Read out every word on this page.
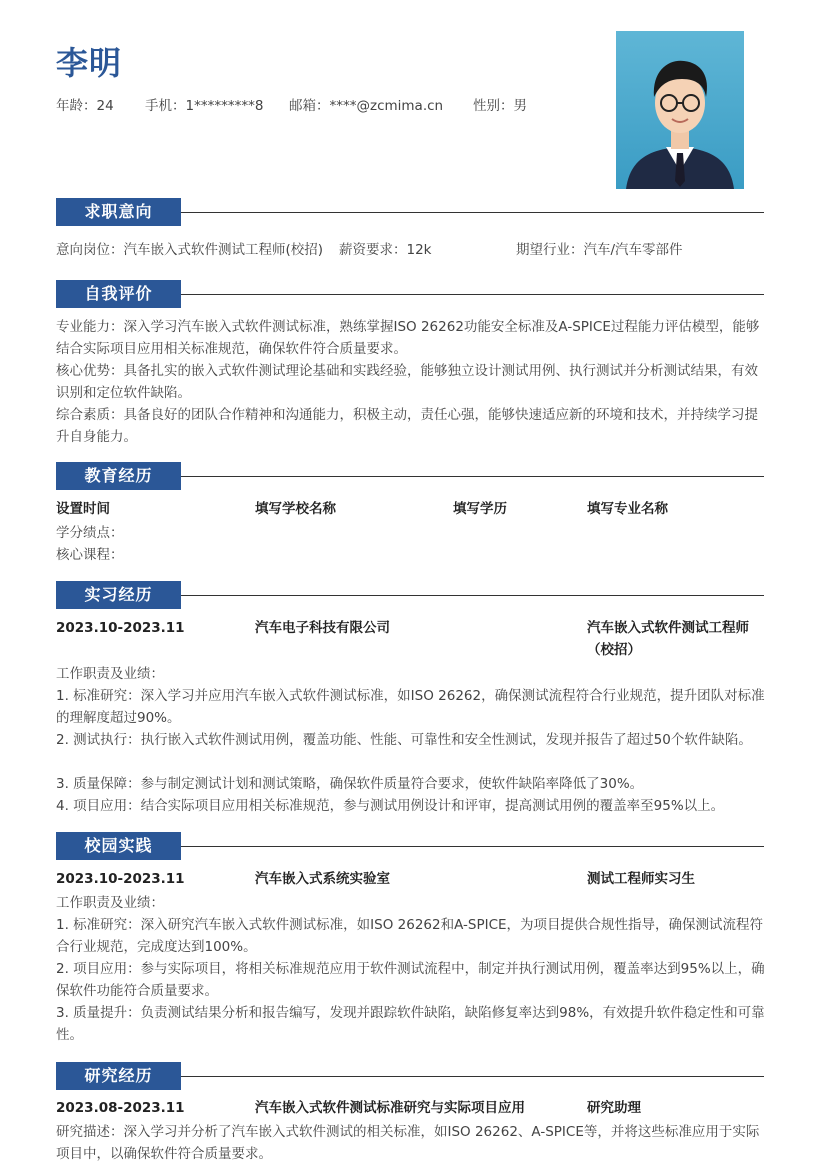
李明
年龄：24 手机：1*********8 邮箱：****@zcmima.cn 性别：男
求职意向
意向岗位：汽车嵌入式软件测试工程师(校招) 薪资要求：12k	期望行业：汽车/汽车零部件
自我评价
专业能力：深入学习汽车嵌入式软件测试标准，熟练掌握ISO 26262功能安全标准及A-SPICE过程能力评估模型，能够结合实际项目应用相关标准规范，确保软件符合质量要求。
核心优势：具备扎实的嵌入式软件测试理论基础和实践经验，能够独立设计测试用例、执行测试并分析测试结果，有效识别和定位软件缺陷。
综合素质：具备良好的团队合作精神和沟通能力，积极主动，责任心强，能够快速适应新的环境和技术，并持续学习提升自身能力。
教育经历
设置时间	填写学校名称	填写学历	填写专业名称
学分绩点：
核心课程：
实习经历
2023.10-2023.11	汽车电子科技有限公司	汽车嵌入式软件测试工程师
（校招）
工作职责及业绩：
1. 标准研究：深入学习并应用汽车嵌入式软件测试标准，如ISO 26262，确保测试流程符合行业规范，提升团队对标准的理解度超过90%。
2. 测试执行：执行嵌入式软件测试用例，覆盖功能、性能、可靠性和安全性测试，发现并报告了超过50个软件缺陷。
3. 质量保障：参与制定测试计划和测试策略，确保软件质量符合要求，使软件缺陷率降低了30%。
4. 项目应用：结合实际项目应用相关标准规范，参与测试用例设计和评审，提高测试用例的覆盖率至95%以上。
校园实践
2023.10-2023.11	汽车嵌入式系统实验室	测试工程师实习生
工作职责及业绩：
1. 标准研究：深入研究汽车嵌入式软件测试标准，如ISO 26262和A-SPICE，为项目提供合规性指导，确保测试流程符合行业规范，完成度达到100%。
2. 项目应用：参与实际项目，将相关标准规范应用于软件测试流程中，制定并执行测试用例，覆盖率达到95%以上，确保软件功能符合质量要求。
3. 质量提升：负责测试结果分析和报告编写，发现并跟踪软件缺陷，缺陷修复率达到98%，有效提升软件稳定性和可靠性。
研究经历
2023.08-2023.11	汽车嵌入式软件测试标准研究与实际项目应用	研究助理
研究描述：深入学习并分析了汽车嵌入式软件测试的相关标准，如ISO 26262、A-SPICE等，并将这些标准应用于实际项目中，以确保软件符合质量要求。
